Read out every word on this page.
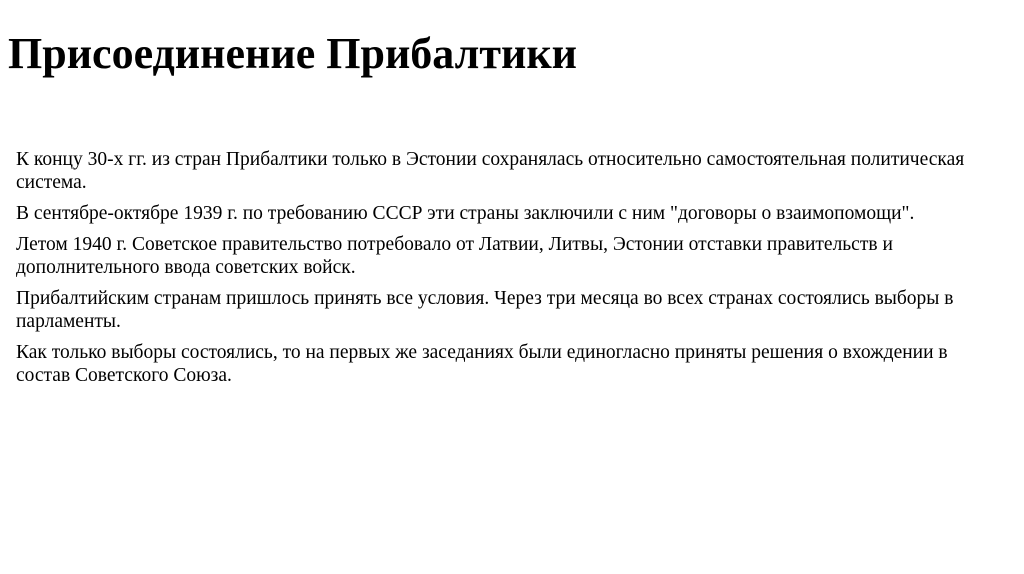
Присоединение Прибалтики

К концу 30-х гг. из стран Прибалтики только в Эстонии сохранялась относительно самостоятельная политическая система.

В сентябре-октябре 1939 г. по требованию СССР эти страны заключили с ним "договоры о взаимопомощи".

Летом 1940 г. Советское правительство потребовало от Латвии, Литвы, Эстонии отставки правительств и дополнительного ввода советских войск.

Прибалтийским странам пришлось принять все условия. Через три месяца во всех странах состоялись выборы в парламенты.

Как только выборы состоялись, то на первых же заседаниях были единогласно приняты решения о вхождении в состав Советского Союза.
